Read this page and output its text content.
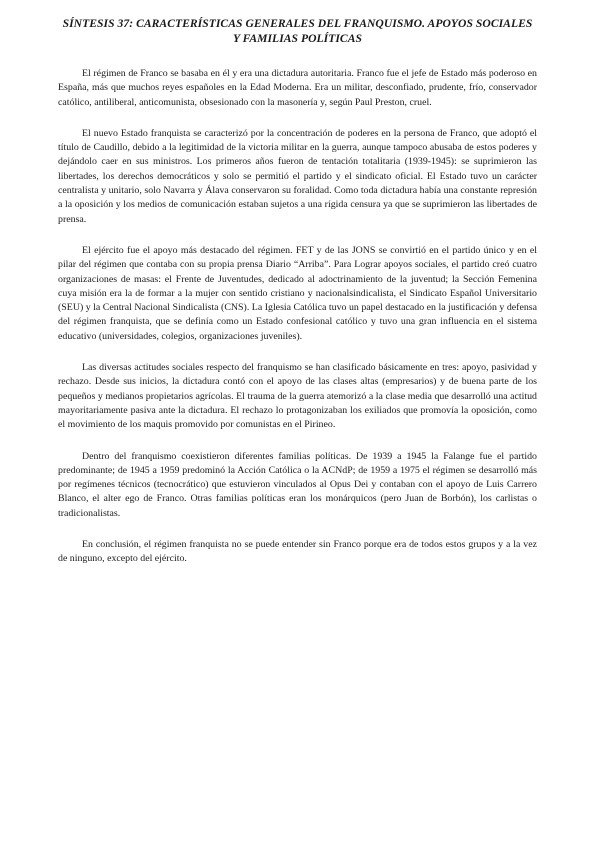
SÍNTESIS 37: CARACTERÍSTICAS GENERALES DEL FRANQUISMO. APOYOS SOCIALES Y FAMILIAS POLÍTICAS

El régimen de Franco se basaba en él y era una dictadura autoritaria. Franco fue el jefe de Estado más poderoso en España, más que muchos reyes españoles en la Edad Moderna. Era un militar, desconfiado, prudente, frío, conservador católico, antiliberal, anticomunista, obsesionado con la masonería y, según Paul Preston, cruel.

El nuevo Estado franquista se caracterizó por la concentración de poderes en la persona de Franco, que adoptó el título de Caudillo, debido a la legitimidad de la victoria militar en la guerra, aunque tampoco abusaba de estos poderes y dejándolo caer en sus ministros. Los primeros años fueron de tentación totalitaria (1939-1945): se suprimieron las libertades, los derechos democráticos y solo se permitió el partido y el sindicato oficial. El Estado tuvo un carácter centralista y unitario, solo Navarra y Álava conservaron su foralidad. Como toda dictadura había una constante represión a la oposición y los medios de comunicación estaban sujetos a una rígida censura ya que se suprimieron las libertades de prensa.

El ejército fue el apoyo más destacado del régimen. FET y de las JONS se convirtió en el partido único y en el pilar del régimen que contaba con su propia prensa Diario “Arriba”. Para Lograr apoyos sociales, el partido creó cuatro organizaciones de masas: el Frente de Juventudes, dedicado al adoctrinamiento de la juventud; la Sección Femenina cuya misión era la de formar a la mujer con sentido cristiano y nacionalsindicalista, el Sindicato Español Universitario (SEU) y la Central Nacional Sindicalista (CNS). La Iglesia Católica tuvo un papel destacado en la justificación y defensa del régimen franquista, que se definía como un Estado confesional católico y tuvo una gran influencia en el sistema educativo (universidades, colegios, organizaciones juveniles).

Las diversas actitudes sociales respecto del franquismo se han clasificado básicamente en tres: apoyo, pasividad y rechazo. Desde sus inicios, la dictadura contó con el apoyo de las clases altas (empresarios) y de buena parte de los pequeños y medianos propietarios agrícolas. El trauma de la guerra atemorizó a la clase media que desarrolló una actitud mayoritariamente pasiva ante la dictadura. El rechazo lo protagonizaban los exiliados que promovía la oposición, como el movimiento de los maquis promovido por comunistas en el Pirineo.

Dentro del franquismo coexistieron diferentes familias políticas. De 1939 a 1945 la Falange fue el partido predominante; de 1945 a 1959 predominó la Acción Católica o la ACNdP; de 1959 a 1975 el régimen se desarrolló más por regímenes técnicos (tecnocrático) que estuvieron vinculados al Opus Dei y contaban con el apoyo de Luis Carrero Blanco, el alter ego de Franco. Otras familias políticas eran los monárquicos (pero Juan de Borbón), los carlistas o tradicionalistas.

En conclusión, el régimen franquista no se puede entender sin Franco porque era de todos estos grupos y a la vez de ninguno, excepto del ejército.
